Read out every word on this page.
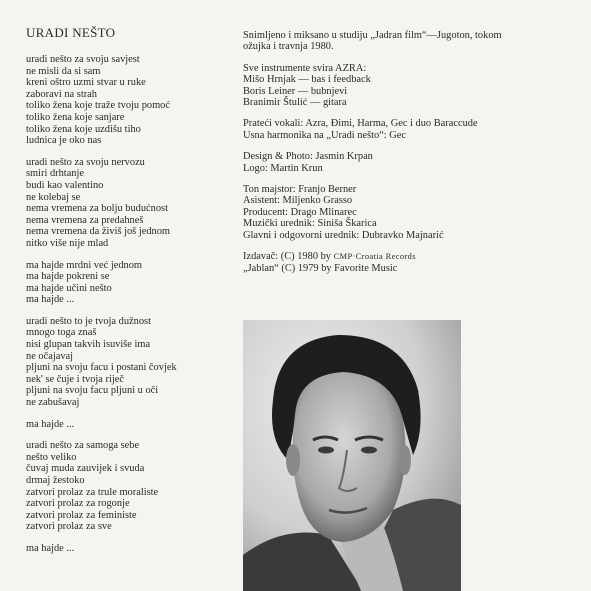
URADI NEŠTO
uradi nešto za svoju savjest
ne misli da si sam
kreni oštro uzmi stvar u ruke
zaboravi na strah
toliko žena koje traže tvoju pomoć
toliko žena koje sanjare
toliko žena koje uzdišu tiho
ludnica je oko nas
uradi nešto za svoju nervozu
smiri drhtanje
budi kao valentino
ne kolebaj se
nema vremena za bolju budućnost
nema vremena za predahneš
nema vremena da živiš još jednom
nitko više nije mlad
ma hajde mrdni već jednom
ma hajde pokreni se
ma hajde učini nešto
ma hajde ...
uradi nešto to je tvoja dužnost
mnogo toga znaš
nisi glupan takvih isuviše ima
ne očajavaj
pljuni na svoju facu i postani čovjek
nek' se čuje i tvoja riječ
pljuni na svoju facu pljuni u oči
ne zabušavaj
ma hajde ...
uradi nešto za samoga sebe
nešto veliko
čuvaj muda zauvijek i svuda
drmaj žestoko
zatvori prolaz za trule moraliste
zatvori prolaz za rogonje
zatvori prolaz za feministe
zatvori prolaz za sve
ma hajde ...
Snimljeno i miksano u studiju „Jadran film“—Jugoton, tokom
ožujka i travnja 1980.
Sve instrumente svira AZRA:
Mišo Hrnjak — bas i feedback
Boris Leiner — bubnjevi
Branimir Štulić — gitara
Prateći vokali: Azra, Đimi, Harma, Gec i duo Baraccude
Usna harmonika na „Uradi nešto“: Gec
Design & Photo: Jasmin Krpan
Logo: Martin Krun
Ton majstor: Franjo Berner
Asistent: Miljenko Grasso
Producent: Drago Mlinarec
Muzički urednik: Siniša Škarica
Glavni i odgovorni urednik: Dubravko Majnarić
Izdavač: (C) 1980 by CMP·Croatia Records
„Jablan“ (C) 1979 by Favorite Music
